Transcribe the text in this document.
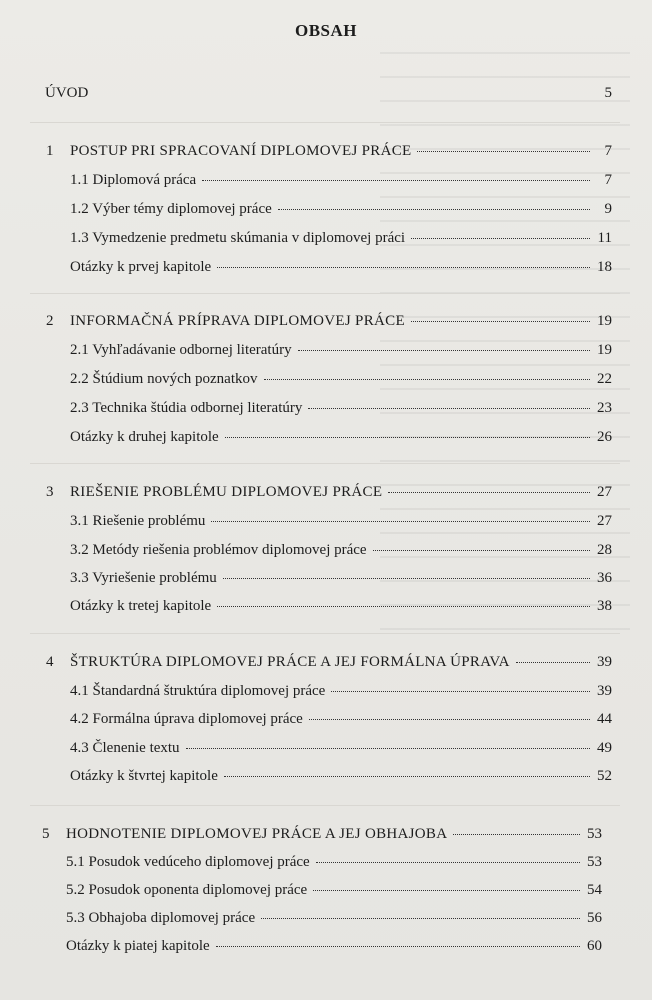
OBSAH
ÚVOD	5
1 POSTUP PRI SPRACOVANÍ DIPLOMOVEJ PRÁCE	7
1.1 Diplomová práca	7
1.2 Výber témy diplomovej práce	9
1.3 Vymedzenie predmetu skúmania v diplomovej práci	11
Otázky k prvej kapitole	18
2 INFORMAČNÁ PRÍPRAVA DIPLOMOVEJ PRÁCE	19
2.1 Vyhľadávanie odbornej literatúry	19
2.2 Štúdium nových poznatkov	22
2.3 Technika štúdia odbornej literatúry	23
Otázky k druhej kapitole	26
3 RIEŠENIE PROBLÉMU DIPLOMOVEJ PRÁCE	27
3.1 Riešenie problému	27
3.2 Metódy riešenia problémov diplomovej práce	28
3.3 Vyriešenie problému	36
Otázky k tretej kapitole	38
4 ŠTRUKTÚRA DIPLOMOVEJ PRÁCE A JEJ FORMÁLNA ÚPRAVA	39
4.1 Štandardná štruktúra diplomovej práce	39
4.2 Formálna úprava diplomovej práce	44
4.3 Členenie textu	49
Otázky k štvrtej kapitole	52
5 HODNOTENIE DIPLOMOVEJ PRÁCE A JEJ OBHAJOBA	53
5.1 Posudok vedúceho diplomovej práce	53
5.2 Posudok oponenta diplomovej práce	54
5.3 Obhajoba diplomovej práce	56
Otázky k piatej kapitole	60
